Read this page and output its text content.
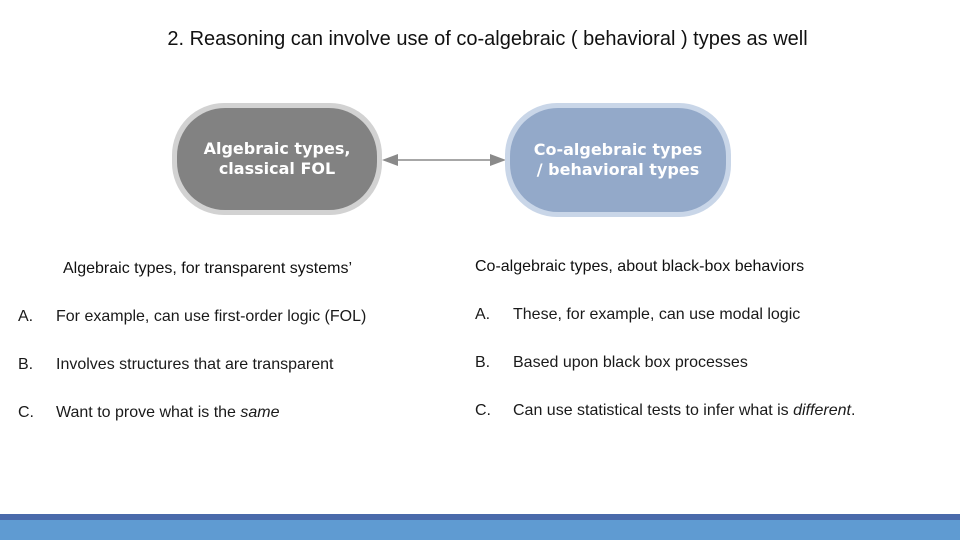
2. Reasoning can involve use of co-algebraic ( behavioral ) types as well
Algebraic types,
classical FOL
Co-algebraic types
/ behavioral types
Algebraic types, for transparent systems’	Co-algebraic types, about black-box behaviors
A.	For example, can use first-order logic (FOL)
B.	Involves structures that are transparent
C.	Want to prove what is the same
A.	These, for example, can use modal logic
B.	Based upon black box processes
C.	Can use statistical tests to infer what is different.
